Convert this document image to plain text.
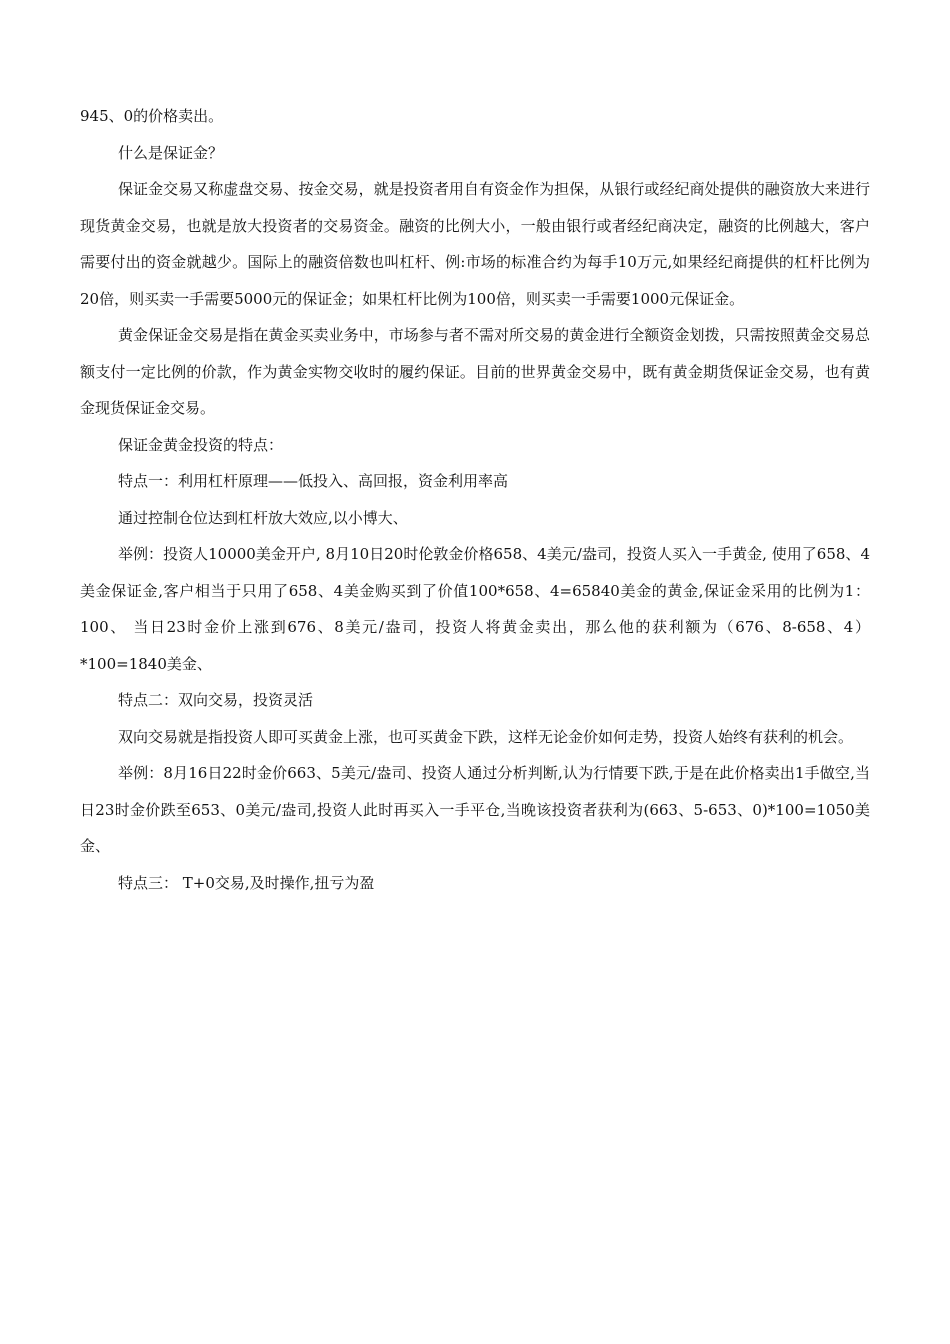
945、0的价格卖出。

什么是保证金？

保证金交易又称虚盘交易、按金交易，就是投资者用自有资金作为担保，从银行或经纪商处提供的融资放大来进行现货黄金交易，也就是放大投资者的交易资金。融资的比例大小，一般由银行或者经纪商决定，融资的比例越大，客户需要付出的资金就越少。国际上的融资倍数也叫杠杆、例:市场的标准合约为每手10万元,如果经纪商提供的杠杆比例为20倍，则买卖一手需要5000元的保证金；如果杠杆比例为100倍，则买卖一手需要1000元保证金。

黄金保证金交易是指在黄金买卖业务中，市场参与者不需对所交易的黄金进行全额资金划拨，只需按照黄金交易总额支付一定比例的价款，作为黄金实物交收时的履约保证。目前的世界黄金交易中，既有黄金期货保证金交易，也有黄金现货保证金交易。

保证金黄金投资的特点：

特点一：利用杠杆原理——低投入、高回报，资金利用率高

通过控制仓位达到杠杆放大效应,以小博大、

举例：投资人10000美金开户, 8月10日20时伦敦金价格658、4美元/盎司，投资人买入一手黄金, 使用了658、4美金保证金,客户相当于只用了658、4美金购买到了价值100*658、4=65840美金的黄金,保证金采用的比例为1：100、 当日23时金价上涨到676、8美元/盎司，投资人将黄金卖出，那么他的获利额为（676、8-658、4）*100=1840美金、

特点二：双向交易，投资灵活

双向交易就是指投资人即可买黄金上涨，也可买黄金下跌，这样无论金价如何走势，投资人始终有获利的机会。

举例：8月16日22时金价663、5美元/盎司、投资人通过分析判断,认为行情要下跌,于是在此价格卖出1手做空,当日23时金价跌至653、0美元/盎司,投资人此时再买入一手平仓,当晚该投资者获利为(663、5-653、0)*100=1050美金、

特点三： T+0交易,及时操作,扭亏为盈
